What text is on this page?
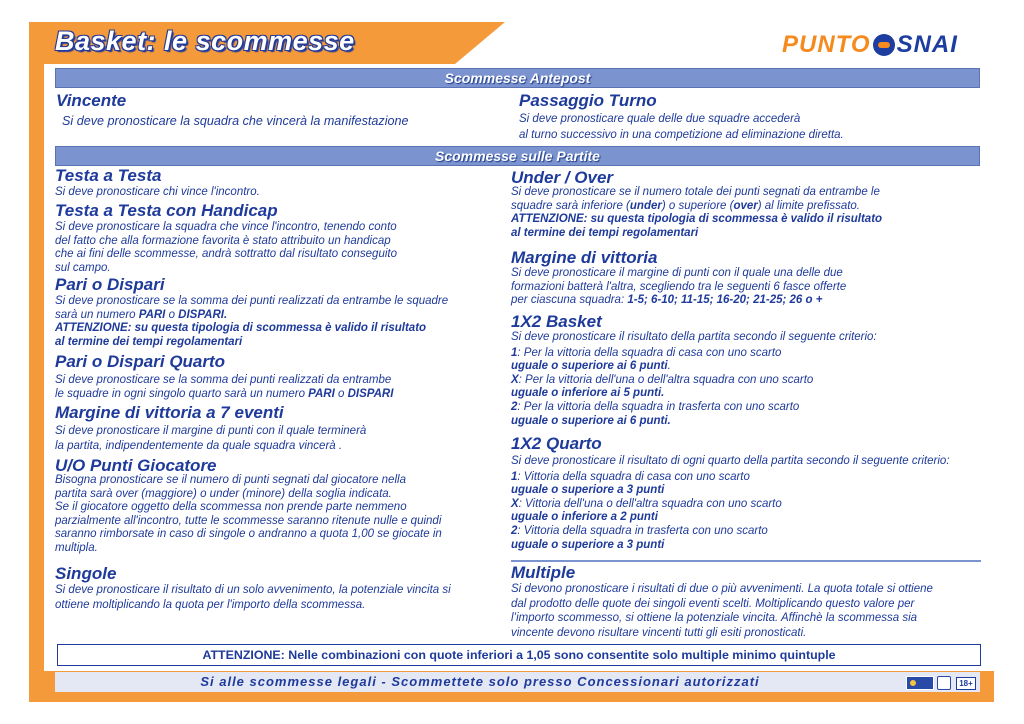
Basket: le scommesse	PUNTO SNAI
Scommesse Antepost
Vincente
Si deve pronosticare la squadra che vincerà la manifestazione
Passaggio Turno
Si deve pronosticare quale delle due squadre accederà
al turno successivo in una competizione ad eliminazione diretta.
Scommesse sulle Partite
Testa a Testa
Si deve pronosticare chi vince l'incontro.
Testa a Testa con Handicap
Si deve pronosticare la squadra che vince l'incontro, tenendo conto
del fatto che alla formazione favorita è stato attribuito un handicap
che ai fini delle scommesse, andrà sottratto dal risultato conseguito
sul campo.
Pari o Dispari
Si deve pronosticare se la somma dei punti realizzati da entrambe le squadre
sarà un numero PARI o DISPARI.
ATTENZIONE: su questa tipologia di scommessa è valido il risultato
al termine dei tempi regolamentari
Pari o Dispari Quarto
Si deve pronosticare se la somma dei punti realizzati da entrambe
le squadre in ogni singolo quarto sarà un numero PARI o DISPARI
Margine di vittoria a 7 eventi
Si deve pronosticare il margine di punti con il quale terminerà
la partita, indipendentemente da quale squadra vincerà .
U/O Punti Giocatore
Bisogna pronosticare se il numero di punti segnati dal giocatore nella
partita sarà over (maggiore) o under (minore) della soglia indicata.
Se il giocatore oggetto della scommessa non prende parte nemmeno
parzialmente all'incontro, tutte le scommesse saranno ritenute nulle e quindi
saranno rimborsate in caso di singole o andranno a quota 1,00 se giocate in
multipla.
Under / Over
Si deve pronosticare se il numero totale dei punti segnati da entrambe le
squadre sarà inferiore (under) o superiore (over) al limite prefissato.
ATTENZIONE: su questa tipologia di scommessa è valido il risultato
al termine dei tempi regolamentari
Margine di vittoria
Si deve pronosticare il margine di punti con il quale una delle due
formazioni batterà l'altra, scegliendo tra le seguenti 6 fasce offerte
per ciascuna squadra: 1-5; 6-10; 11-15; 16-20; 21-25; 26 o +
1X2 Basket
Si deve pronosticare il risultato della partita secondo il seguente criterio:
1: Per la vittoria della squadra di casa con uno scarto
uguale o superiore ai 6 punti.
X: Per la vittoria dell'una o dell'altra squadra con uno scarto
uguale o inferiore ai 5 punti.
2: Per la vittoria della squadra in trasferta con uno scarto
uguale o superiore ai 6 punti.
1X2 Quarto
Si deve pronosticare il risultato di ogni quarto della partita secondo il seguente criterio:
1: Vittoria della squadra di casa con uno scarto
uguale o superiore a 3 punti
X: Vittoria dell'una o dell'altra squadra con uno scarto
uguale o inferiore a 2 punti
2: Vittoria della squadra in trasferta con uno scarto
uguale o superiore a 3 punti
Singole
Si deve pronosticare il risultato di un solo avvenimento, la potenziale vincita si
ottiene moltiplicando la quota per l'importo della scommessa.
Multiple
Si devono pronosticare i risultati di due o più avvenimenti. La quota totale si ottiene
dal prodotto delle quote dei singoli eventi scelti. Moltiplicando questo valore per
l’importo scommesso, si ottiene la potenziale vincita. Affinchè la scommessa sia
vincente devono risultare vincenti tutti gli esiti pronosticati.
ATTENZIONE: Nelle combinazioni con quote inferiori a 1,05 sono consentite solo multiple minimo quintuple
Si alle scommesse legali - Scommettete solo presso Concessionari autorizzati	18+
